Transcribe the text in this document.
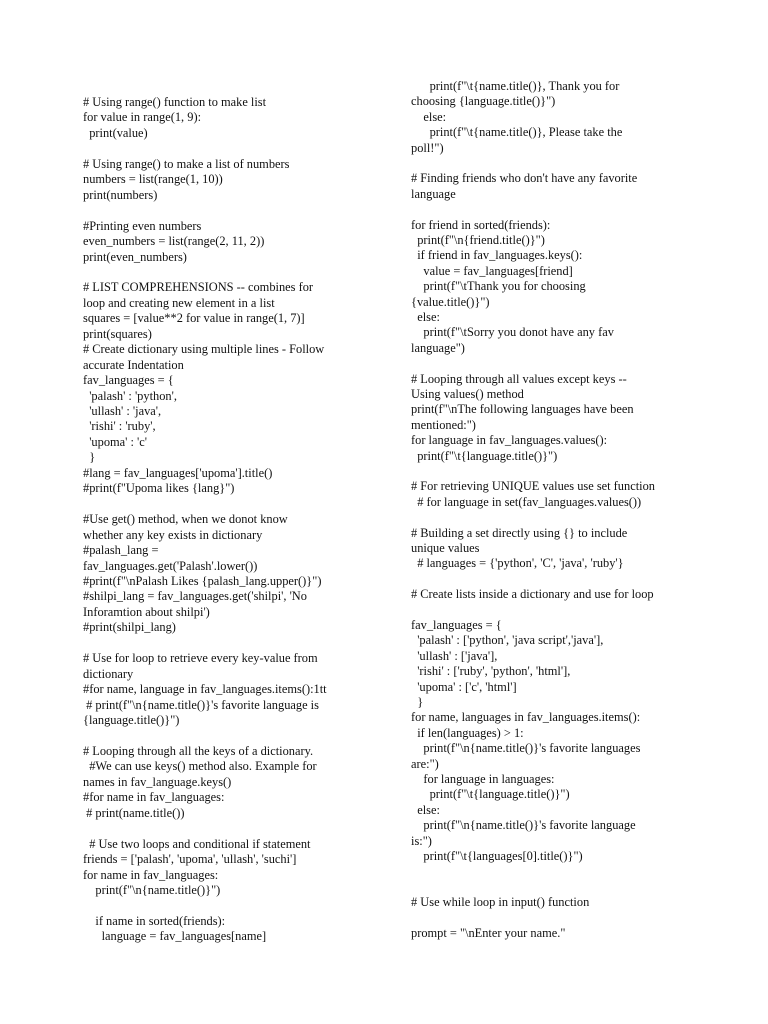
# Using range() function to make list
for value in range(1, 9):
print(value)
# Using range() to make a list of numbers
numbers = list(range(1, 10))
print(numbers)
#Printing even numbers
even_numbers = list(range(2, 11, 2))
print(even_numbers)
# LIST COMPREHENSIONS -- combines for
loop and creating new element in a list
squares = [value**2 for value in range(1, 7)]
print(squares)
# Create dictionary using multiple lines - Follow
accurate Indentation
fav_languages = {
'palash' : 'python',
'ullash' : 'java',
'rishi' : 'ruby',
'upoma' : 'c'
}
#lang = fav_languages['upoma'].title()
#print(f"Upoma likes {lang}")
#Use get() method, when we donot know
whether any key exists in dictionary
#palash_lang =
fav_languages.get('Palash'.lower())
#print(f"\nPalash Likes {palash_lang.upper()}")
#shilpi_lang = fav_languages.get('shilpi', 'No
Inforamtion about shilpi')
#print(shilpi_lang)
# Use for loop to retrieve every key-value from
dictionary
#for name, language in fav_languages.items():1tt
# print(f"\n{name.title()}'s favorite language is
{language.title()}")
# Looping through all the keys of a dictionary.
#We can use keys() method also. Example for
names in fav_language.keys()
#for name in fav_languages:
# print(name.title())
# Use two loops and conditional if statement
friends = ['palash', 'upoma', 'ullash', 'suchi']
for name in fav_languages:
print(f"\n{name.title()}")
if name in sorted(friends):
language = fav_languages[name]
print(f"\t{name.title()}, Thank you for
choosing {language.title()}")
else:
print(f"\t{name.title()}, Please take the
poll!")
# Finding friends who don't have any favorite
language
for friend in sorted(friends):
print(f"\n{friend.title()}")
if friend in fav_languages.keys():
value = fav_languages[friend]
print(f"\tThank you for choosing
{value.title()}")
else:
print(f"\tSorry you donot have any fav
language")
# Looping through all values except keys --
Using values() method
print(f"\nThe following languages have been
mentioned:")
for language in fav_languages.values():
print(f"\t{language.title()}")
# For retrieving UNIQUE values use set function
# for language in set(fav_languages.values())
# Building a set directly using {} to include
unique values
# languages = {'python', 'C', 'java', 'ruby'}
# Create lists inside a dictionary and use for loop
fav_languages = {
'palash' : ['python', 'java script','java'],
'ullash' : ['java'],
'rishi' : ['ruby', 'python', 'html'],
'upoma' : ['c', 'html']
}
for name, languages in fav_languages.items():
if len(languages) > 1:
print(f"\n{name.title()}'s favorite languages
are:")
for language in languages:
print(f"\t{language.title()}")
else:
print(f"\n{name.title()}'s favorite language
is:")
print(f"\t{languages[0].title()}")
# Use while loop in input() function
prompt = "\nEnter your name."
